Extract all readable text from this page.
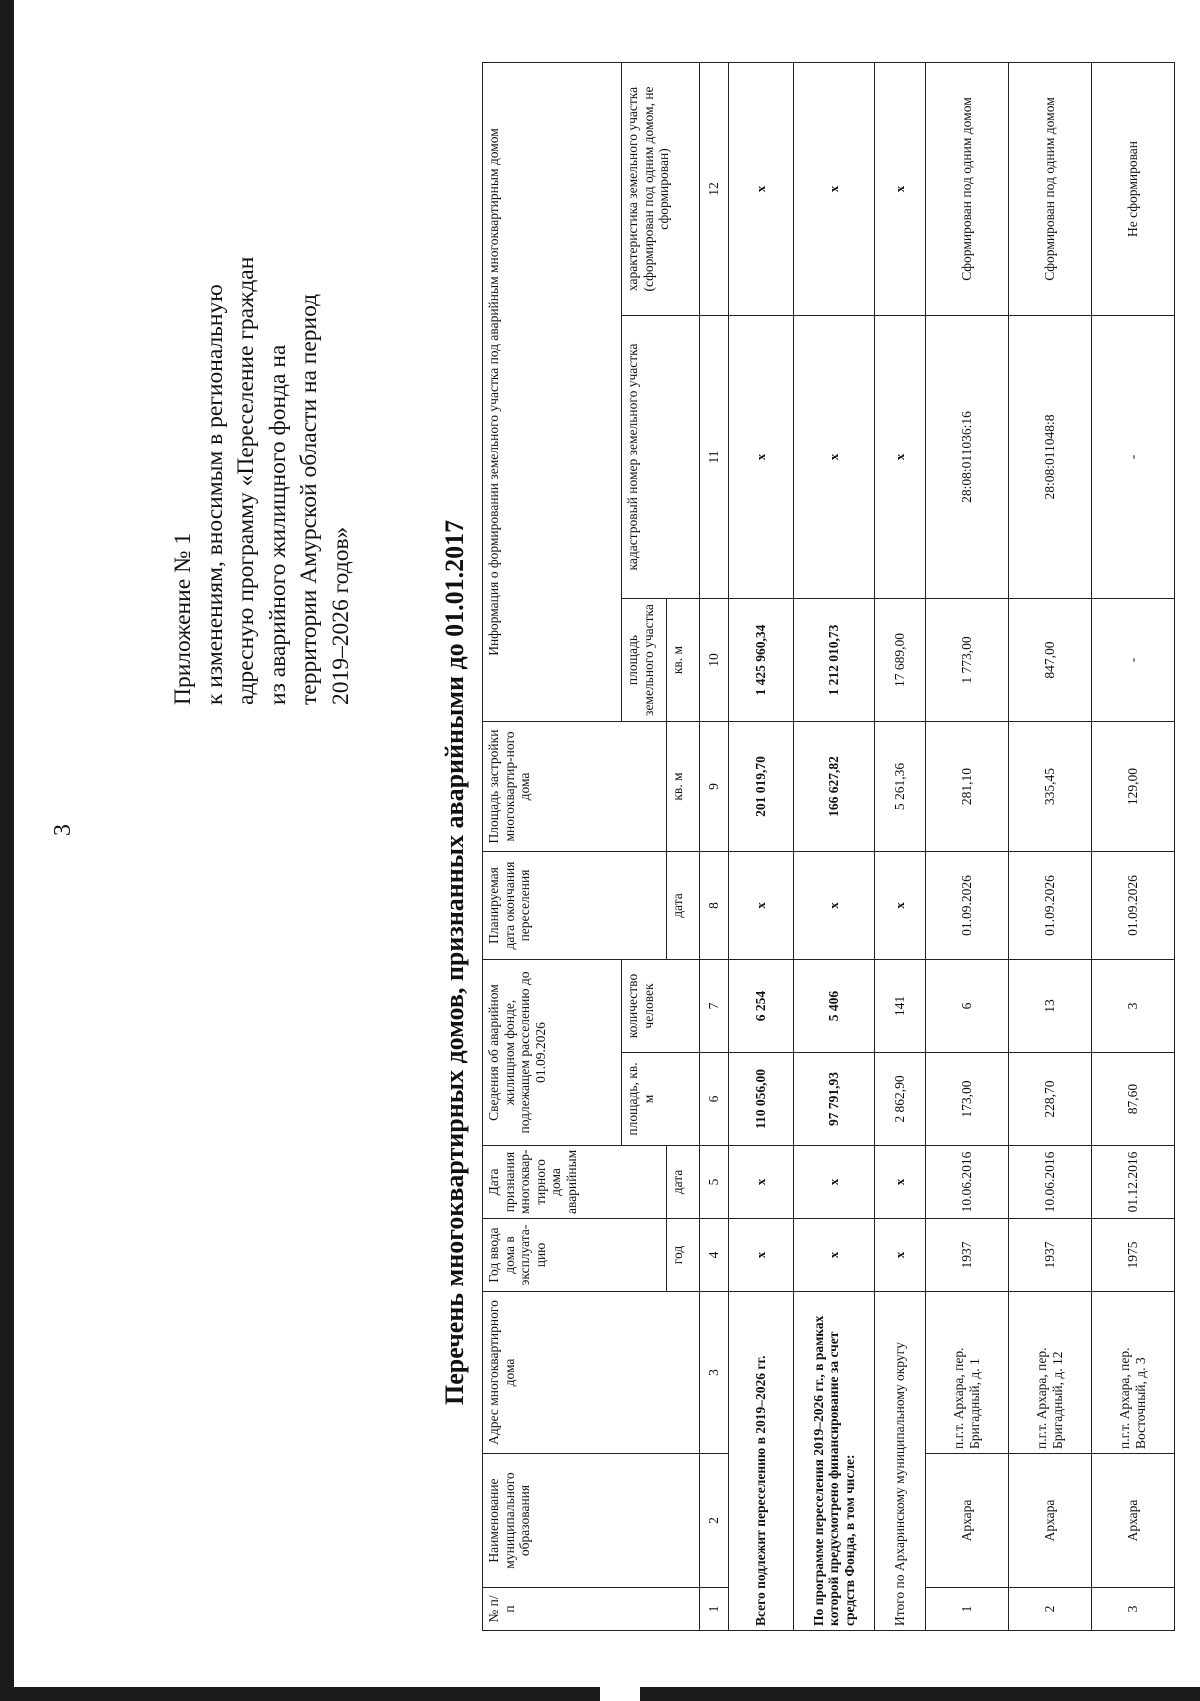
3
Приложение № 1 к изменениям, вносимым в региональную адресную программу «Переселение граждан из аварийного жилищного фонда на территории Амурской области на период 2019–2026 годов»	Перечень многоквартирных домов, признанных аварийными до 01.01.2017
№ п/п	Наименование муниципального образования	Адрес многоквартирного дома	Год ввода дома в эксплуата-цию	Дата признания многоквар-тирного дома аварийным	Сведения об аварийном жилищном фонде, подлежащем расселению до 01.09.2026		Планируемая дата окончания переселения	Площадь застройки многоквартир-ного дома	Информация о формировании земельного участка под аварийным многоквартирным домом		
					площадь, кв. м	количество человек			площадь земельного участка	кадастровый номер земельного участка	характеристика земельного участка (сформирован под одним домом, не сформирован)
			год	дата			дата	кв. м	кв. м		
1	2	3	4	5	6	7	8	9	10	11	12
Всего подлежит переселению в 2019–2026 гг.			х	х	110 056,00	6 254	х	201 019,70	1 425 960,34	х	х
По программе переселения 2019–2026 гг., в рамках которой предусмотрено финансирование за счет средств Фонда, в том числе:			х	х	97 791,93	5 406	х	166 627,82	1 212 010,73	х	х
Итого по Архаринскому муниципальному округу			х	х	2 862,90	141	х	5 261,36	17 689,00	х	х
1	Архара	п.г.т. Архара, пер. Бригадный, д. 1	1937	10.06.2016	173,00	6	01.09.2026	281,10	1 773,00	28:08:011036:16	Сформирован под одним домом
2	Архара	п.г.т. Архара, пер. Бригадный, д. 12	1937	10.06.2016	228,70	13	01.09.2026	335,45	847,00	28:08:011048:8	Сформирован под одним домом
3	Архара	п.г.т. Архара, пер. Восточный, д. 3	1975	01.12.2016	87,60	3	01.09.2026	129,00	-	-	Не сформирован
